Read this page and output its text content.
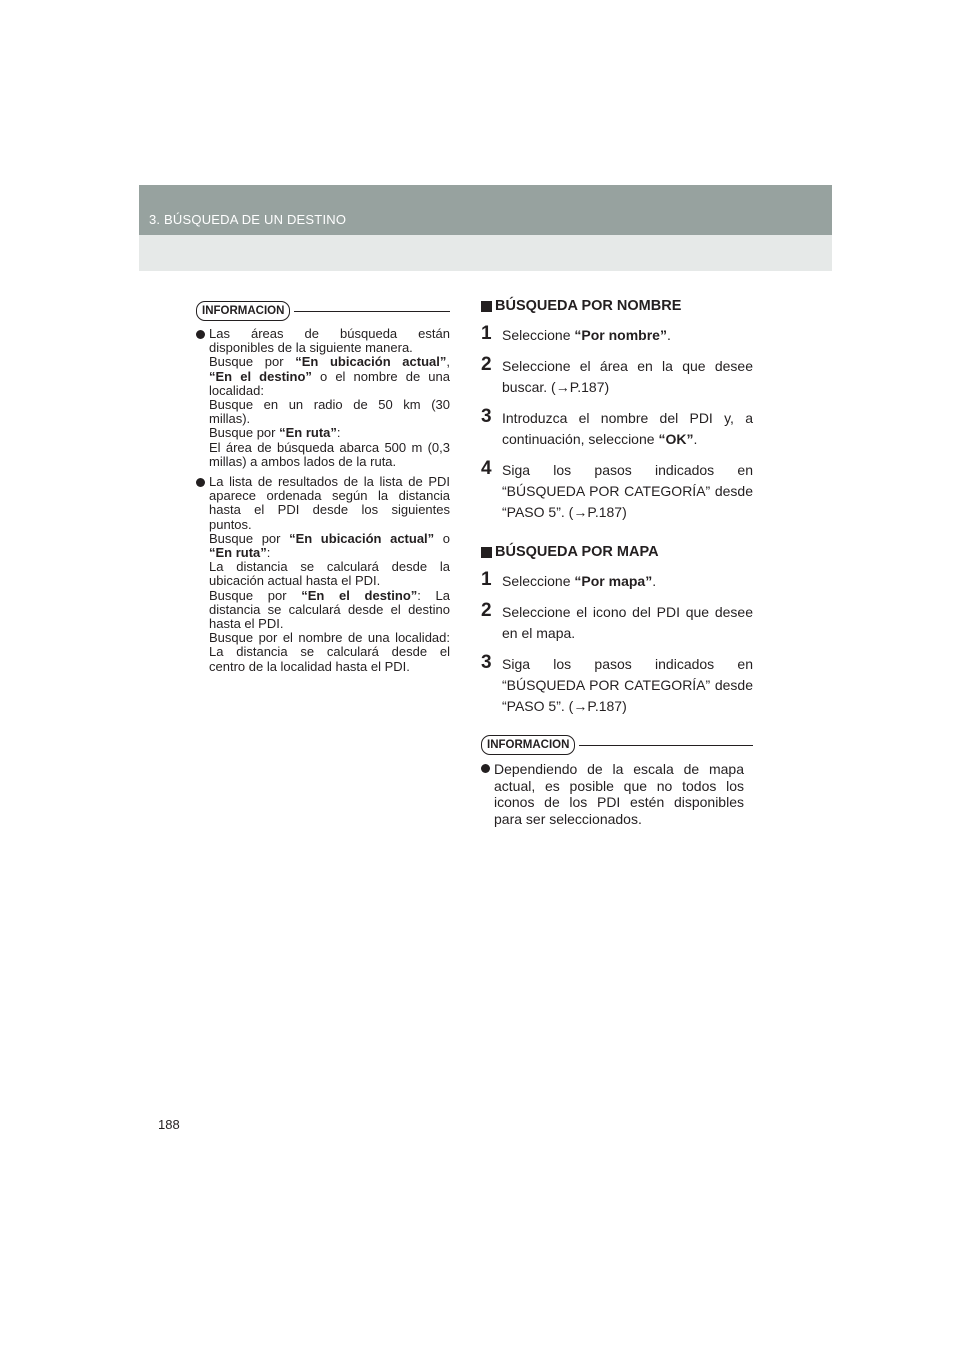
3. BÚSQUEDA DE UN DESTINO
INFORMACION
Las áreas de búsqueda están
disponibles de la siguiente manera.
Busque por “En ubicación actual”,
“En el destino” o el nombre de una
localidad:
Busque en un radio de 50 km (30
millas).
Busque por “En ruta”:
El área de búsqueda abarca 500 m (0,3
millas) a ambos lados de la ruta.
La lista de resultados de la lista de PDI
aparece ordenada según la distancia
hasta el PDI desde los siguientes
puntos.
Busque por “En ubicación actual” o
“En ruta”:
La distancia se calculará desde la
ubicación actual hasta el PDI.
Busque por “En el destino”: La
distancia se calculará desde el destino
hasta el PDI.
Busque por el nombre de una localidad:
La distancia se calculará desde el
centro de la localidad hasta el PDI.
BÚSQUEDA POR NOMBRE
1 Seleccione “Por nombre”.
2 Seleccione el área en la que desee buscar. (→P.187)
3 Introduzca el nombre del PDI y, a continuación, seleccione “OK”.
4 Siga los pasos indicados en “BÚSQUEDA POR CATEGORÍA” desde “PASO 5”. (→P.187)
BÚSQUEDA POR MAPA
1 Seleccione “Por mapa”.
2 Seleccione el icono del PDI que desee en el mapa.
3 Siga los pasos indicados en “BÚSQUEDA POR CATEGORÍA” desde “PASO 5”. (→P.187)
INFORMACION
Dependiendo de la escala de mapa actual, es posible que no todos los iconos de los PDI estén disponibles para ser seleccionados.
188
